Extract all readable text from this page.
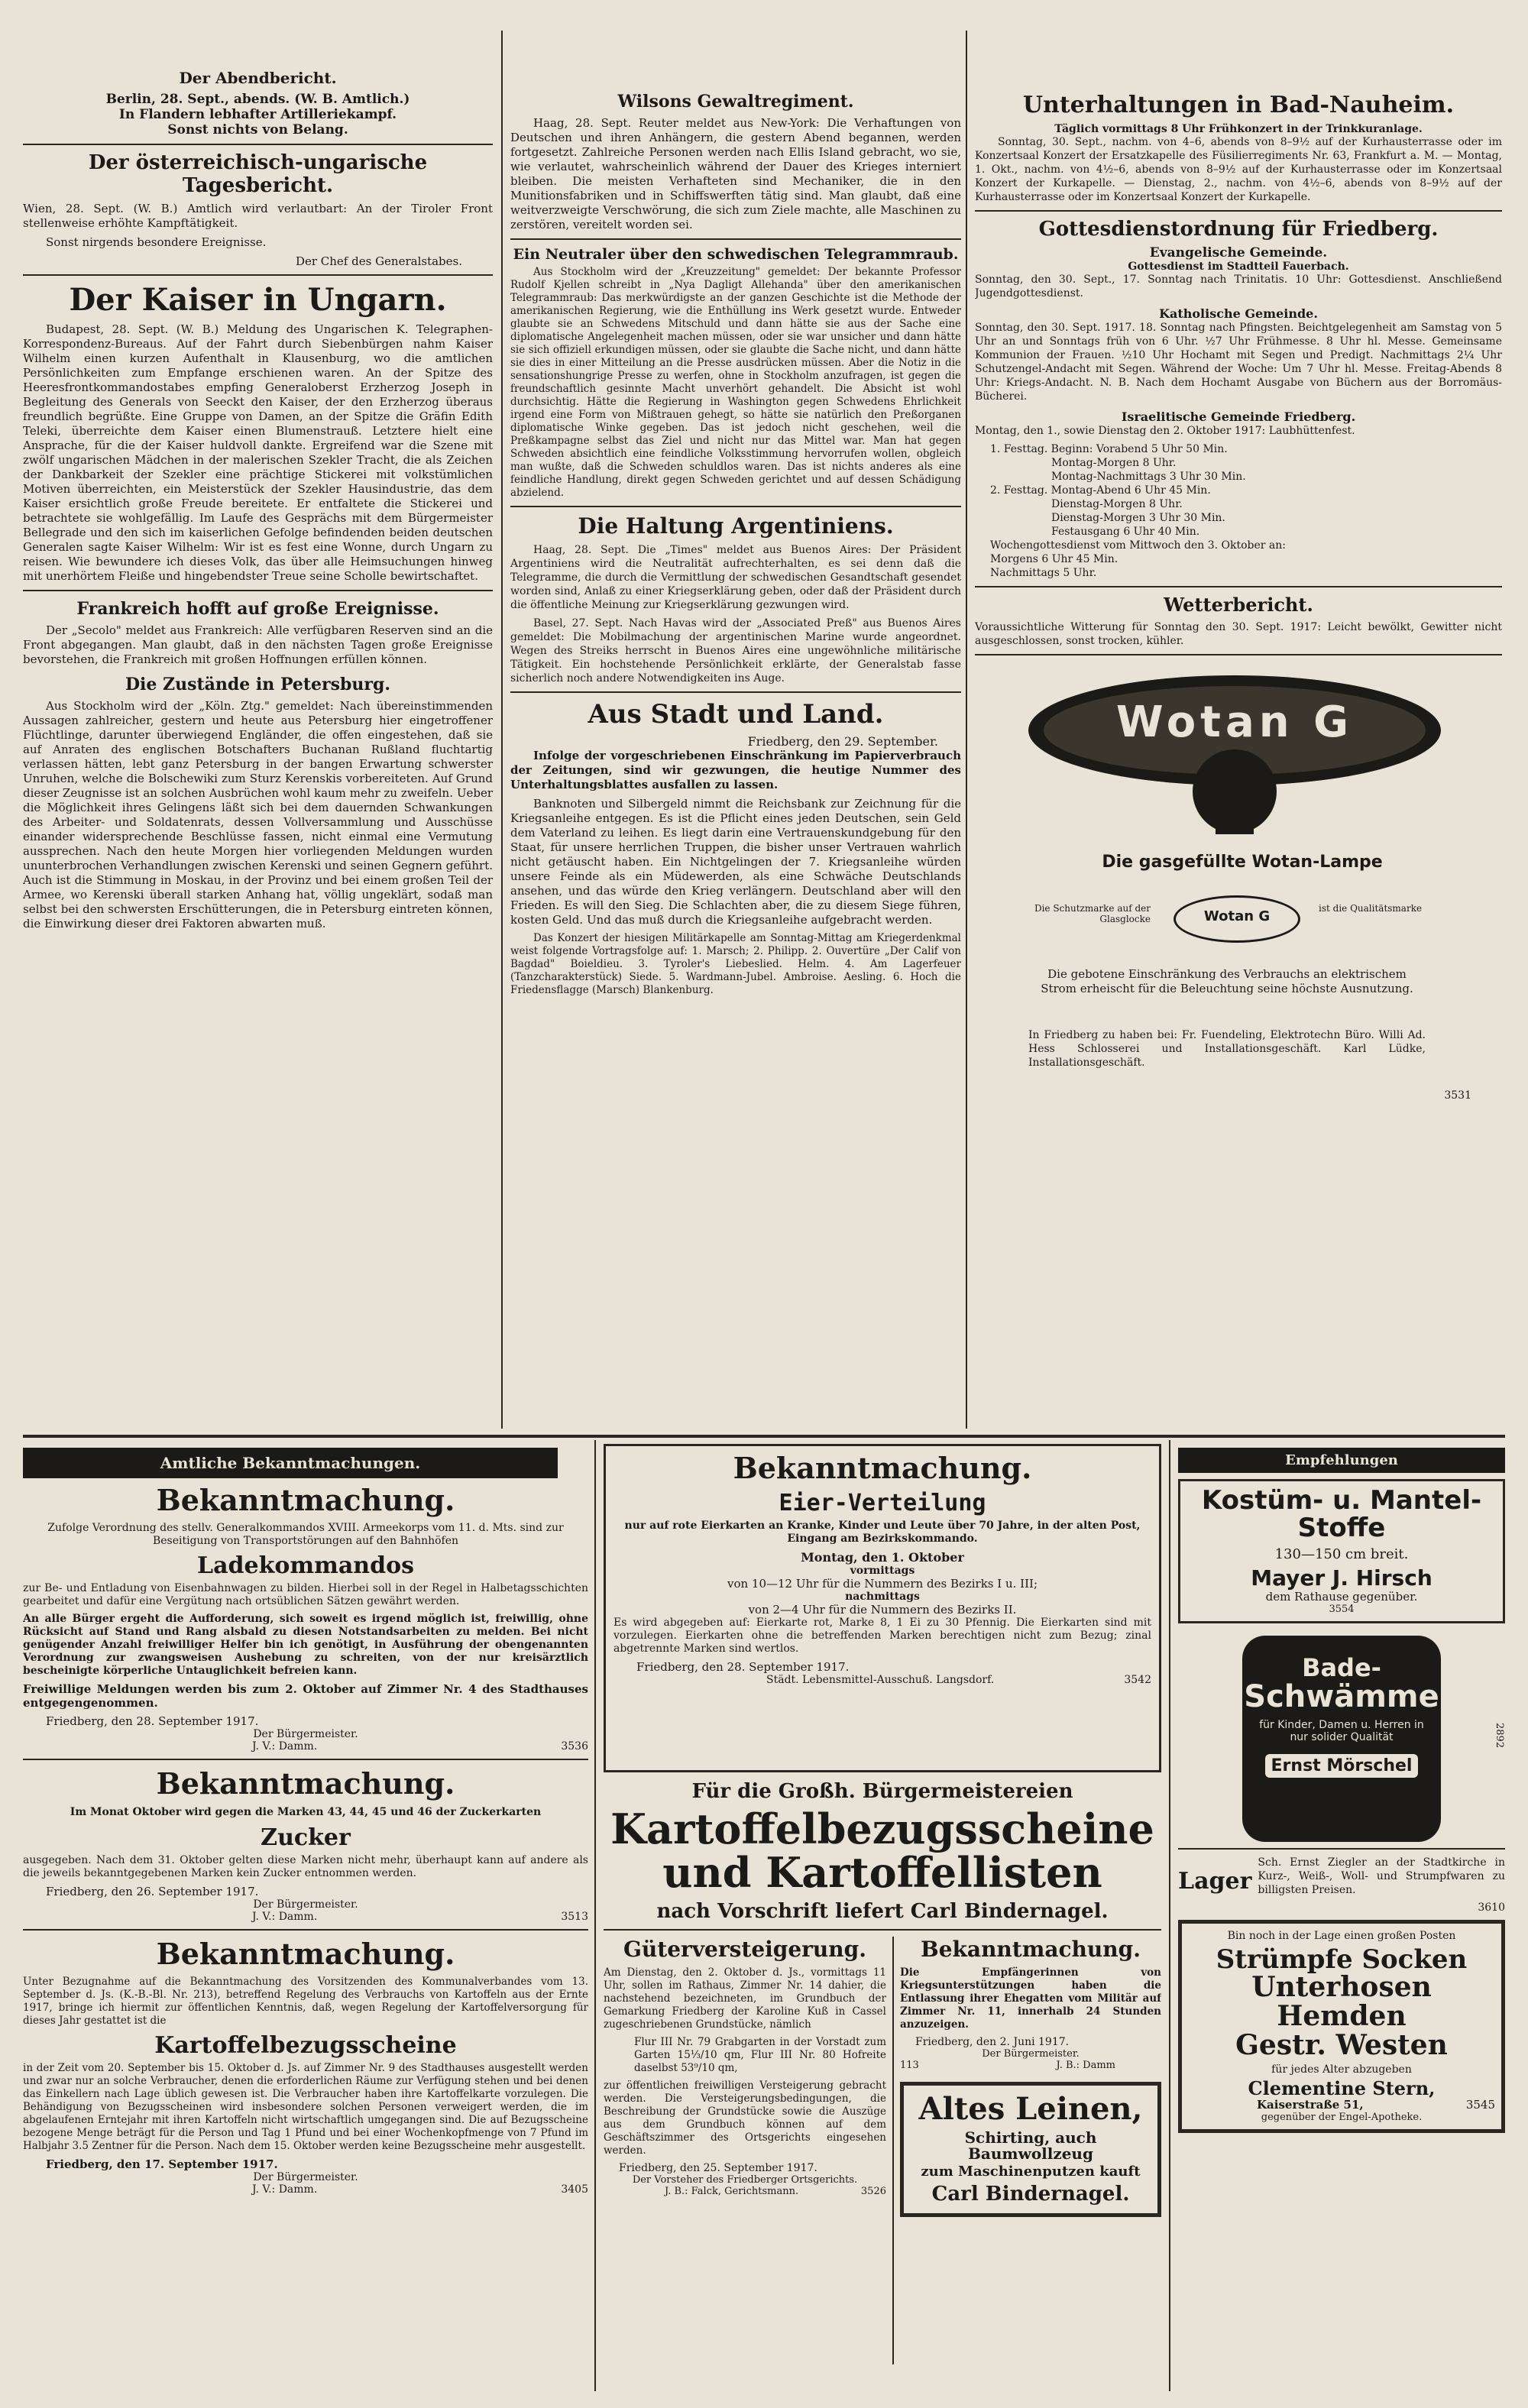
Der Abendbericht.
Berlin, 28. Sept., abends. (W. B. Amtlich.)
In Flandern lebhafter Artilleriekampf.
Sonst nichts von Belang.
Der österreichisch-ungarische Tagesbericht.

Wien, 28. Sept. (W. B.) Amtlich wird verlautbart: An der Tiroler Front stellenweise erhöhte Kampftätigkeit.

Sonst nirgends besondere Ereignisse.

Der Chef des Generalstabes.
Der Kaiser in Ungarn.

Budapest, 28. Sept. (W. B.) Meldung des Ungarischen K. Telegraphen-Korrespondenz-Bureaus. Auf der Fahrt durch Siebenbürgen nahm Kaiser Wilhelm einen kurzen Aufenthalt in Klausenburg, wo die amtlichen Persönlichkeiten zum Empfange erschienen waren. An der Spitze des Heeresfrontkommandostabes empfing Generaloberst Erzherzog Joseph in Begleitung des Generals von Seeckt den Kaiser, der den Erzherzog überaus freundlich begrüßte. Eine Gruppe von Damen, an der Spitze die Gräfin Edith Teleki, überreichte dem Kaiser einen Blumenstrauß. Letztere hielt eine Ansprache, für die der Kaiser huldvoll dankte. Ergreifend war die Szene mit zwölf ungarischen Mädchen in der malerischen Szekler Tracht, die als Zeichen der Dankbarkeit der Szekler eine prächtige Stickerei mit volkstümlichen Motiven überreichten, ein Meisterstück der Szekler Hausindustrie, das dem Kaiser ersichtlich große Freude bereitete. Er entfaltete die Stickerei und betrachtete sie wohlgefällig. Im Laufe des Gesprächs mit dem Bürgermeister Bellegrade und den sich im kaiserlichen Gefolge befindenden beiden deutschen Generalen sagte Kaiser Wilhelm: Wir ist es fest eine Wonne, durch Ungarn zu reisen. Wie bewundere ich dieses Volk, das über alle Heimsuchungen hinweg mit unerhörtem Fleiße und hingebendster Treue seine Scholle bewirtschaftet.

Frankreich hofft auf große Ereignisse.

Der „Secolo" meldet aus Frankreich: Alle verfügbaren Reserven sind an die Front abgegangen. Man glaubt, daß in den nächsten Tagen große Ereignisse bevorstehen, die Frankreich mit großen Hoffnungen erfüllen können.

Die Zustände in Petersburg.

Aus Stockholm wird der „Köln. Ztg." gemeldet: Nach übereinstimmenden Aussagen zahlreicher, gestern und heute aus Petersburg hier eingetroffener Flüchtlinge, darunter überwiegend Engländer, die offen eingestehen, daß sie auf Anraten des englischen Botschafters Buchanan Rußland fluchtartig verlassen hätten, lebt ganz Petersburg in der bangen Erwartung schwerster Unruhen, welche die Bolschewiki zum Sturz Kerenskis vorbereiteten. Auf Grund dieser Zeugnisse ist an solchen Ausbrüchen wohl kaum mehr zu zweifeln. Ueber die Möglichkeit ihres Gelingens läßt sich bei dem dauernden Schwankungen des Arbeiter- und Soldatenrats, dessen Vollversammlung und Ausschüsse einander widersprechende Beschlüsse fassen, nicht einmal eine Vermutung aussprechen. Nach den heute Morgen hier vorliegenden Meldungen wurden ununterbrochen Verhandlungen zwischen Kerenski und seinen Gegnern geführt. Auch ist die Stimmung in Moskau, in der Provinz und bei einem großen Teil der Armee, wo Kerenski überall starken Anhang hat, völlig ungeklärt, sodaß man selbst bei den schwersten Erschütterungen, die in Petersburg eintreten können, die Einwirkung dieser drei Faktoren abwarten muß.

Wilsons Gewaltregiment.

Haag, 28. Sept. Reuter meldet aus New-York: Die Verhaftungen von Deutschen und ihren Anhängern, die gestern Abend begannen, werden fortgesetzt. Zahlreiche Personen werden nach Ellis Island gebracht, wo sie, wie verlautet, wahrscheinlich während der Dauer des Krieges interniert bleiben. Die meisten Verhafteten sind Mechaniker, die in den Munitionsfabriken und in Schiffswerften tätig sind. Man glaubt, daß eine weitverzweigte Verschwörung, die sich zum Ziele machte, alle Maschinen zu zerstören, vereitelt worden sei.

Ein Neutraler über den schwedischen Telegrammraub.

Aus Stockholm wird der „Kreuzzeitung" gemeldet: Der bekannte Professor Rudolf Kjellen schreibt in „Nya Dagligt Allehanda" über den amerikanischen Telegrammraub: Das merkwürdigste an der ganzen Geschichte ist die Methode der amerikanischen Regierung, wie die Enthüllung ins Werk gesetzt wurde. Entweder glaubte sie an Schwedens Mitschuld und dann hätte sie aus der Sache eine diplomatische Angelegenheit machen müssen, oder sie war unsicher und dann hätte sie sich offiziell erkundigen müssen, oder sie glaubte die Sache nicht, und dann hätte sie dies in einer Mitteilung an die Presse ausdrücken müssen. Aber die Notiz in die sensationshungrige Presse zu werfen, ohne in Stockholm anzufragen, ist gegen die freundschaftlich gesinnte Macht unverhört gehandelt. Die Absicht ist wohl durchsichtig. Hätte die Regierung in Washington gegen Schwedens Ehrlichkeit irgend eine Form von Mißtrauen gehegt, so hätte sie natürlich den Preßorganen diplomatische Winke gegeben. Das ist jedoch nicht geschehen, weil die Preßkampagne selbst das Ziel und nicht nur das Mittel war. Man hat gegen Schweden absichtlich eine feindliche Volksstimmung hervorrufen wollen, obgleich man wußte, daß die Schweden schuldlos waren. Das ist nichts anderes als eine feindliche Handlung, direkt gegen Schweden gerichtet und auf dessen Schädigung abzielend.

Die Haltung Argentiniens.

Haag, 28. Sept. Die „Times" meldet aus Buenos Aires: Der Präsident Argentiniens wird die Neutralität aufrechterhalten, es sei denn daß die Telegramme, die durch die Vermittlung der schwedischen Gesandtschaft gesendet worden sind, Anlaß zu einer Kriegserklärung geben, oder daß der Präsident durch die öffentliche Meinung zur Kriegserklärung gezwungen wird.

Basel, 27. Sept. Nach Havas wird der „Associated Preß" aus Buenos Aires gemeldet: Die Mobilmachung der argentinischen Marine wurde angeordnet. Wegen des Streiks herrscht in Buenos Aires eine ungewöhnliche militärische Tätigkeit. Ein hochstehende Persönlichkeit erklärte, der Generalstab fasse sicherlich noch andere Notwendigkeiten ins Auge.

Aus Stadt und Land.
Friedberg, den 29. September.

Infolge der vorgeschriebenen Einschränkung im Papierverbrauch der Zeitungen, sind wir gezwungen, die heutige Nummer des Unterhaltungsblattes ausfallen zu lassen.

Banknoten und Silbergeld nimmt die Reichsbank zur Zeichnung für die Kriegsanleihe entgegen. Es ist die Pflicht eines jeden Deutschen, sein Geld dem Vaterland zu leihen. Es liegt darin eine Vertrauenskundgebung für den Staat, für unsere herrlichen Truppen, die bisher unser Vertrauen wahrlich nicht getäuscht haben. Ein Nichtgelingen der 7. Kriegsanleihe würden unsere Feinde als ein Müdewerden, als eine Schwäche Deutschlands ansehen, und das würde den Krieg verlängern. Deutschland aber will den Frieden. Es will den Sieg. Die Schlachten aber, die zu diesem Siege führen, kosten Geld. Und das muß durch die Kriegsanleihe aufgebracht werden.

Das Konzert der hiesigen Militärkapelle am Sonntag-Mittag am Kriegerdenkmal weist folgende Vortragsfolge auf: 1. Marsch; 2. Philipp. 2. Ouvertüre „Der Calif von Bagdad" Boieldieu. 3. Tyroler's Liebeslied. Helm. 4. Am Lagerfeuer (Tanzcharakterstück) Siede. 5. Wardmann-Jubel. Ambroise. Aesling. 6. Hoch die Friedensflagge (Marsch) Blankenburg.

Unterhaltungen in Bad-Nauheim.
Täglich vormittags 8 Uhr Frühkonzert in der Trinkkuranlage.

Sonntag, 30. Sept., nachm. von 4–6, abends von 8–9½ auf der Kurhausterrasse oder im Konzertsaal Konzert der Ersatzkapelle des Füsilierregiments Nr. 63, Frankfurt a. M. — Montag, 1. Okt., nachm. von 4½–6, abends von 8–9½ auf der Kurhausterrasse oder im Konzertsaal Konzert der Kurkapelle. — Dienstag, 2., nachm. von 4½–6, abends von 8–9½ auf der Kurhausterrasse oder im Konzertsaal Konzert der Kurkapelle.

Gottesdienstordnung für Friedberg.
Evangelische Gemeinde.
Gottesdienst im Stadtteil Fauerbach.

Sonntag, den 30. Sept., 17. Sonntag nach Trinitatis. 10 Uhr: Gottesdienst. Anschließend Jugendgottesdienst.

Katholische Gemeinde.

Sonntag, den 30. Sept. 1917. 18. Sonntag nach Pfingsten. Beichtgelegenheit am Samstag von 5 Uhr an und Sonntags früh von 6 Uhr. ½7 Uhr Frühmesse. 8 Uhr hl. Messe. Gemeinsame Kommunion der Frauen. ½10 Uhr Hochamt mit Segen und Predigt. Nachmittags 2¼ Uhr Schutzengel-Andacht mit Segen. Während der Woche: Um 7 Uhr hl. Messe. Freitag-Abends 8 Uhr: Kriegs-Andacht. N. B. Nach dem Hochamt Ausgabe von Büchern aus der Borromäus-Bücherei.

Israelitische Gemeinde Friedberg.

Montag, den 1., sowie Dienstag den 2. Oktober 1917: Laubhüttenfest.

1. Festtag. Beginn: Vorabend 5 Uhr 50 Min.
Montag-Morgen 8 Uhr.
Montag-Nachmittags 3 Uhr 30 Min.
2. Festtag. Montag-Abend 6 Uhr 45 Min.
Dienstag-Morgen 8 Uhr.
Dienstag-Morgen 3 Uhr 30 Min.
Festausgang 6 Uhr 40 Min.
Wochengottesdienst vom Mittwoch den 3. Oktober an:
Morgens 6 Uhr 45 Min.
Nachmittags 5 Uhr.
Wetterbericht.

Voraussichtliche Witterung für Sonntag den 30. Sept. 1917: Leicht bewölkt, Gewitter nicht ausgeschlossen, sonst trocken, kühler.

Wotan G
Die gasgefüllte Wotan-Lampe
Die Schutzmarke auf der Glasglocke	Wotan G	ist die Qualitätsmarke

Die gebotene Einschränkung des Verbrauchs an elektrischem Strom erheischt für die Beleuchtung seine höchste Ausnutzung.

In Friedberg zu haben bei: Fr. Fuendeling, Elektrotechn Büro. Willi Ad. Hess Schlosserei und Installationsgeschäft. Karl Lüdke, Installationsgeschäft.

3531
Amtliche Bekanntmachungen.
Bekanntmachung.

Zufolge Verordnung des stellv. Generalkommandos XVIII. Armeekorps vom 11. d. Mts. sind zur Beseitigung von Transportstörungen auf den Bahnhöfen

Ladekommandos

zur Be- und Entladung von Eisenbahnwagen zu bilden. Hierbei soll in der Regel in Halbetagsschichten gearbeitet und dafür eine Vergütung nach ortsüblichen Sätzen gewährt werden.

An alle Bürger ergeht die Aufforderung, sich soweit es irgend möglich ist, freiwillig, ohne Rücksicht auf Stand und Rang alsbald zu diesen Notstandsarbeiten zu melden. Bei nicht genügender Anzahl freiwilliger Helfer bin ich genötigt, in Ausführung der obengenannten Verordnung zur zwangsweisen Aushebung zu schreiten, von der nur kreisärztlich bescheinigte körperliche Untauglichkeit befreien kann.

Freiwillige Meldungen werden bis zum 2. Oktober auf Zimmer Nr. 4 des Stadthauses entgegengenommen.

Friedberg, den 28. September 1917.
Der Bürgermeister.
J. V.: Damm.	3536
Bekanntmachung.

Im Monat Oktober wird gegen die Marken 43, 44, 45 und 46 der Zuckerkarten

Zucker

ausgegeben. Nach dem 31. Oktober gelten diese Marken nicht mehr, überhaupt kann auf andere als die jeweils bekanntgegebenen Marken kein Zucker entnommen werden.

Friedberg, den 26. September 1917.
Der Bürgermeister.
J. V.: Damm.	3513
Bekanntmachung.

Unter Bezugnahme auf die Bekanntmachung des Vorsitzenden des Kommunalverbandes vom 13. September d. Js. (K.-B.-Bl. Nr. 213), betreffend Regelung des Verbrauchs von Kartoffeln aus der Ernte 1917, bringe ich hiermit zur öffentlichen Kenntnis, daß, wegen Regelung der Kartoffelversorgung für dieses Jahr gestattet ist die

Kartoffelbezugsscheine

in der Zeit vom 20. September bis 15. Oktober d. Js. auf Zimmer Nr. 9 des Stadthauses ausgestellt werden und zwar nur an solche Verbraucher, denen die erforderlichen Räume zur Verfügung stehen und bei denen das Einkellern nach Lage üblich gewesen ist. Die Verbraucher haben ihre Kartoffelkarte vorzulegen. Die Behändigung von Bezugsscheinen wird insbesondere solchen Personen verweigert werden, die im abgelaufenen Erntejahr mit ihren Kartoffeln nicht wirtschaftlich umgegangen sind. Die auf Bezugsscheine bezogene Menge beträgt für die Person und Tag 1 Pfund und bei einer Wochenkopfmenge von 7 Pfund im Halbjahr 3.5 Zentner für die Person. Nach dem 15. Oktober werden keine Bezugsscheine mehr ausgestellt.

Friedberg, den 17. September 1917.
Der Bürgermeister.
J. V.: Damm.	3405
Bekanntmachung.
Eier-Verteilung

nur auf rote Eierkarten an Kranke, Kinder und Leute über 70 Jahre, in der alten Post, Eingang am Bezirkskommando.

Montag, den 1. Oktober
vormittags
von 10—12 Uhr für die Nummern des Bezirks I u. III;
nachmittags
von 2—4 Uhr für die Nummern des Bezirks II.

Es wird abgegeben auf: Eierkarte rot, Marke 8, 1 Ei zu 30 Pfennig. Die Eierkarten sind mit vorzulegen. Eierkarten ohne die betreffenden Marken berechtigen nicht zum Bezug; zinal abgetrennte Marken sind wertlos.

Friedberg, den 28. September 1917.
Städt. Lebensmittel-Ausschuß. Langsdorf.	3542
Für die Großh. Bürgermeistereien
Kartoffelbezugsscheine
und Kartoffellisten
nach Vorschrift liefert Carl Bindernagel.
Güterversteigerung.

Am Dienstag, den 2. Oktober d. Js., vormittags 11 Uhr, sollen im Rathaus, Zimmer Nr. 14 dahier, die nachstehend bezeichneten, im Grundbuch der Gemarkung Friedberg der Karoline Kuß in Cassel zugeschriebenen Grundstücke, nämlich

Flur III Nr. 79 Grabgarten in der Vorstadt zum Garten 15⅓/10 qm, Flur III Nr. 80 Hofreite daselbst 53⁹/10 qm,

zur öffentlichen freiwilligen Versteigerung gebracht werden. Die Versteigerungsbedingungen, die Beschreibung der Grundstücke sowie die Auszüge aus dem Grundbuch können auf dem Geschäftszimmer des Ortsgerichts eingesehen werden.

Friedberg, den 25. September 1917.
Der Vorsteher des Friedberger Ortsgerichts.
J. B.: Falck, Gerichtsmann.	3526
Bekanntmachung.

Die Empfängerinnen von Kriegsunterstützungen haben die Entlassung ihrer Ehegatten vom Militär auf Zimmer Nr. 11, innerhalb 24 Stunden anzuzeigen.

Friedberg, den 2. Juni 1917.
Der Bürgermeister.
113	J. B.: Damm
Altes Leinen,
Schirting, auch Baumwollzeug
zum Maschinenputzen kauft
Carl Bindernagel.
Empfehlungen
Kostüm- u. Mantel-Stoffe
130—150 cm breit.
Mayer J. Hirsch
dem Rathause gegenüber.
3554
Bade-
Schwämme
für Kinder, Damen u. Herren in nur solider Qualität
Ernst Mörschel
2892
Lager

Sch. Ernst Ziegler an der Stadtkirche in Kurz-, Weiß-, Woll- und Strumpfwaren zu billigsten Preisen.

3610
Bin noch in der Lage einen großen Posten
Strümpfe Socken
Unterhosen
Hemden
Gestr. Westen
für jedes Alter abzugeben
Clementine Stern,
Kaiserstraße 51,	3545
gegenüber der Engel-Apotheke.
